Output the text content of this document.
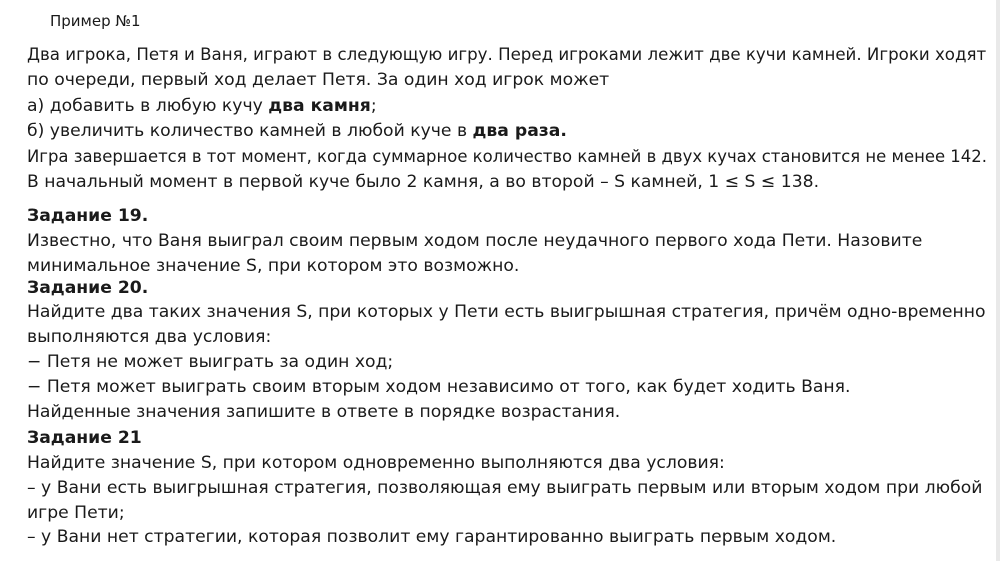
Пример №1
Два игрока, Петя и Ваня, играют в следующую игру. Перед игроками лежит две кучи камней. Игроки ходят
по очереди, первый ход делает Петя. За один ход игрок может
а) добавить в любую кучу два камня;
б) увеличить количество камней в любой куче в два раза.
Игра завершается в тот момент, когда суммарное количество камней в двух кучах становится не менее 142.
В начальный момент в первой куче было 2 камня, а во второй – S камней, 1 ≤ S ≤ 138.
Задание 19.
Известно, что Ваня выиграл своим первым ходом после неудачного первого хода Пети. Назовите
минимальное значение S, при котором это возможно.
Задание 20.
Найдите два таких значения S, при которых у Пети есть выигрышная стратегия, причём одно-временно
выполняются два условия:
− Петя не может выиграть за один ход;
− Петя может выиграть своим вторым ходом независимо от того, как будет ходить Ваня.
Найденные значения запишите в ответе в порядке возрастания.
Задание 21
Найдите значение S, при котором одновременно выполняются два условия:
– у Вани есть выигрышная стратегия, позволяющая ему выиграть первым или вторым ходом при любой
игре Пети;
– у Вани нет стратегии, которая позволит ему гарантированно выиграть первым ходом.
